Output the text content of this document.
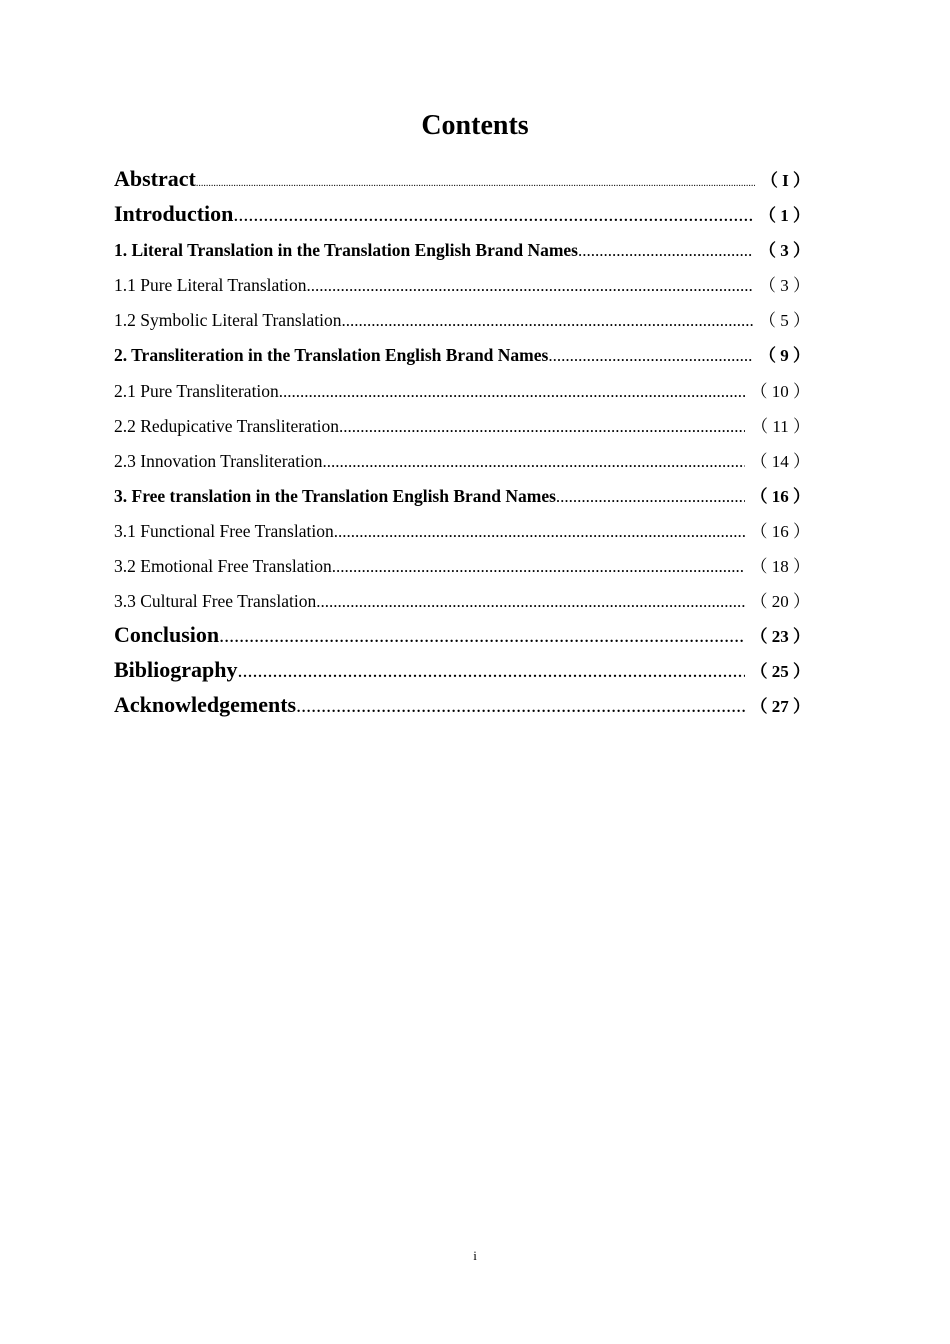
Contents
Abstract .....	（ I ）
Introduction .....	（ 1 ）
1. Literal Translation in the Translation English Brand Names .....	（ 3 ）
1.1 Pure Literal Translation .....	（ 3 ）
1.2 Symbolic Literal Translation .....	（ 5 ）
2. Transliteration in the Translation English Brand Names .....	（ 9 ）
2.1 Pure Transliteration .....	（ 10 ）
2.2 Redupicative Transliteration .....	（ 11 ）
2.3 Innovation Transliteration .....	（ 14 ）
3. Free translation in the Translation English Brand Names .....	（ 16 ）
3.1 Functional Free Translation .....	（ 16 ）
3.2 Emotional Free Translation .....	（ 18 ）
3.3 Cultural Free Translation .....	（ 20 ）
Conclusion .....	（ 23 ）
Bibliography .....	（ 25 ）
Acknowledgements .....	（ 27 ）
i
